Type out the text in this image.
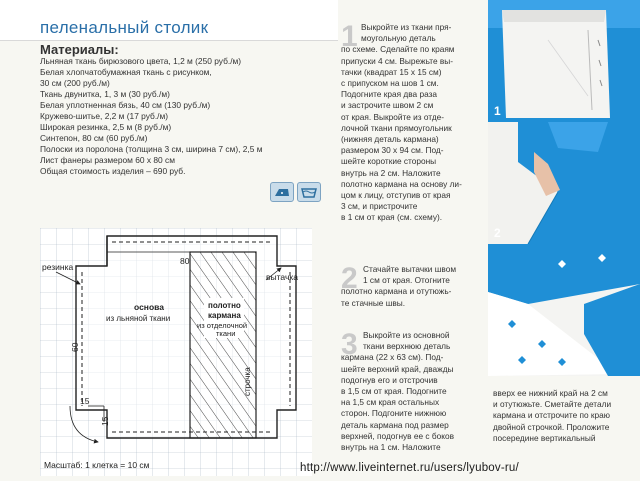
пеленальный столик
Материалы:
Льняная ткань бирюзового цвета, 1,2 м (250 руб./м)
Белая хлопчатобумажная ткань с рисунком,
30 см (200 руб./м)
Ткань двунитка, 1, 3 м (30 руб./м)
Белая уплотненная бязь, 40 см (130 руб./м)
Кружево-шитье, 2,2 м (17 руб./м)
Широкая резинка, 2,5 м (8 руб./м)
Синтепон, 80 см (60 руб./м)
Полоски из поролона (толщина 3 см, ширина 7 см), 2,5 м
Лист фанеры размером 60 х 80 см
Общая стоимость изделия – 690 руб.
резинка
вытачка
80
60
15
15
основа
из льняной ткани
полотно
кармана
из отделочной
ткани
строчка
Масштаб: 1 клетка = 10 см
1 Выкройте из ткани пря-
моугольную деталь
по схеме. Сделайте по краям
припуски 4 см. Вырежьте вы-
тачки (квадрат 15 х 15 см)
с припуском на шов 1 см.
Подогните края два раза
и застрочите швом 2 см
от края. Выкройте из отде-
лочной ткани прямоугольник
(нижняя деталь кармана)
размером 30 х 94 см. Под-
шейте короткие стороны
внутрь на 2 см. Наложите
полотно кармана на основу ли-
цом к лицу, отступив от края
3 см, и пристрочите
в 1 см от края (см. схему).
2 Стачайте вытачки швом
1 см от края. Отогните
полотно кармана и отутюжь-
те стачные швы.
3 Выкройте из основной
ткани верхнюю деталь
кармана (22 х 63 см). Под-
шейте верхний край, дважды
подогнув его и отстрочив
в 1,5 см от края. Подогните
на 1,5 см края остальных
сторон. Подгоните нижнюю
деталь кармана под размер
верхней, подогнув ее с боков
внутрь на 1 см. Наложите
1
2
3
вверх ее нижний край на 2 см
и отутюжьте. Сметайте детали
кармана и отстрочите по краю
двойной строчкой. Проложите
посередине вертикальный
http://www.liveinternet.ru/users/lyubov-ru/
